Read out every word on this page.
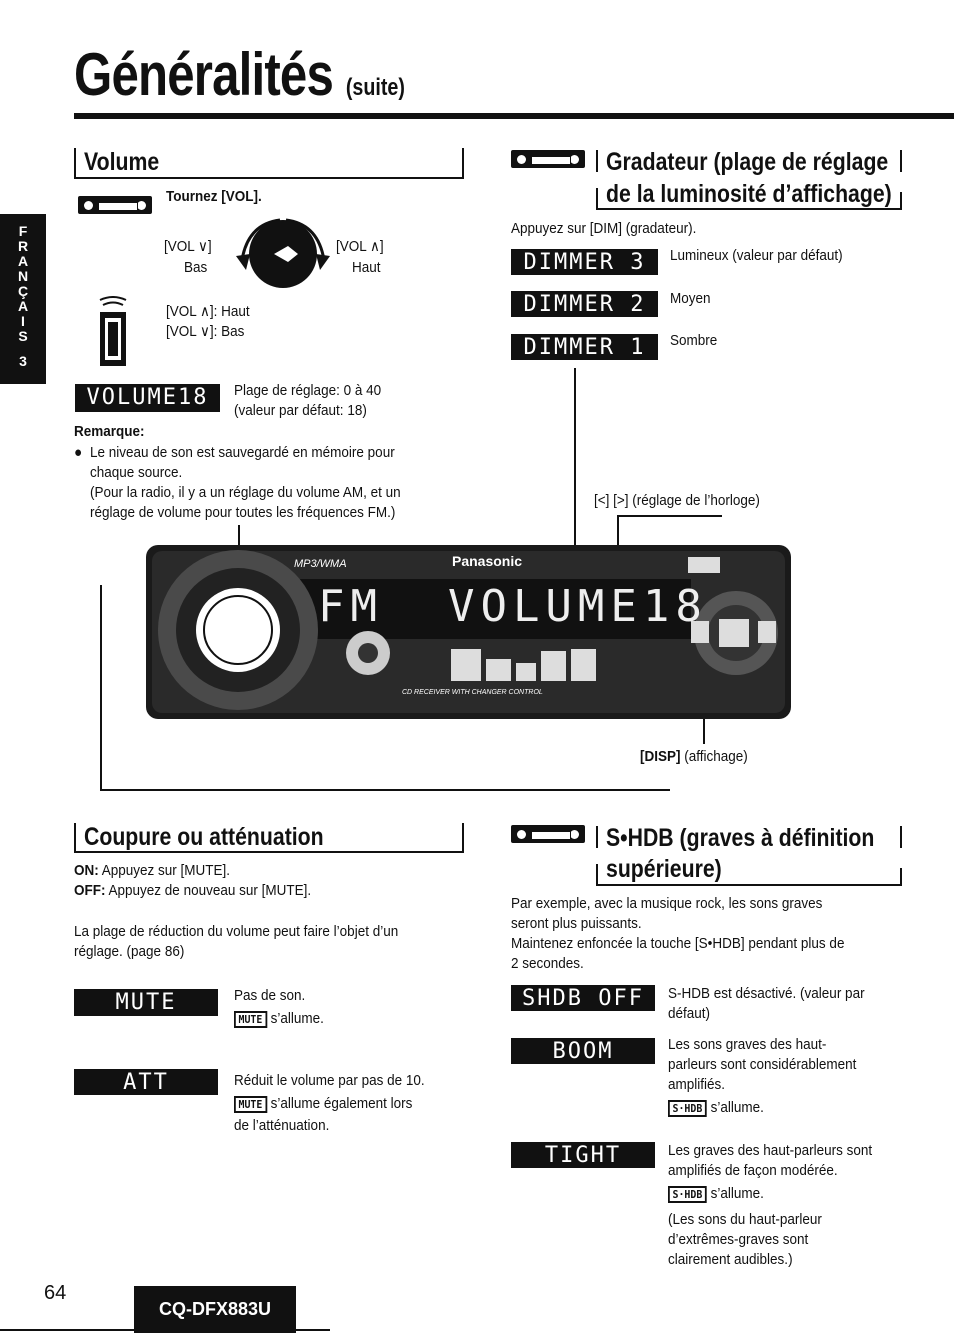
Généralités (suite)
F
R
A
N
Ç
A
I
S
3
Volume
Tournez [VOL].
[VOL ∨]
Bas
[VOL ∧]
Haut
[VOL ∧]: Haut
[VOL ∨]: Bas
VOLUME18	Plage de réglage: 0 à 40
(valeur par défaut: 18)
Remarque:
● Le niveau de son est sauvegardé en mémoire pour
chaque source.
(Pour la radio, il y a un réglage du volume AM, et un
réglage de volume pour toutes les fréquences FM.)
Gradateur (plage de réglage
de la luminosité d’affichage)
Appuyez sur [DIM] (gradateur).
DIMMER 3	Lumineux (valeur par défaut)
DIMMER 2	Moyen
DIMMER 1	Sombre
[<] [>] (réglage de l’horloge)
MP3/WMA	Panasonic
FM  VOLUME18
CD RECEIVER WITH CHANGER CONTROL
[DISP] (affichage)
Coupure ou atténuation
ON: Appuyez sur [MUTE].
OFF: Appuyez de nouveau sur [MUTE].
La plage de réduction du volume peut faire l’objet d’un
réglage. (page 86)
MUTE	Pas de son.
MUTE s’allume.
ATT	Réduit le volume par pas de 10.
MUTE s’allume également lors
de l’atténuation.
S•HDB (graves à définition
supérieure)
Par exemple, avec la musique rock, les sons graves
seront plus puissants.
Maintenez enfoncée la touche [S•HDB] pendant plus de
2 secondes.
SHDB OFF	S-HDB est désactivé. (valeur par
défaut)
BOOM	Les sons graves des haut-
parleurs sont considérablement
amplifiés.
S·HDB s’allume.
TIGHT	Les graves des haut-parleurs sont
amplifiés de façon modérée.
S·HDB s’allume.
(Les sons du haut-parleur
d’extrêmes-graves sont
clairement audibles.)
64
CQ-DFX883U
